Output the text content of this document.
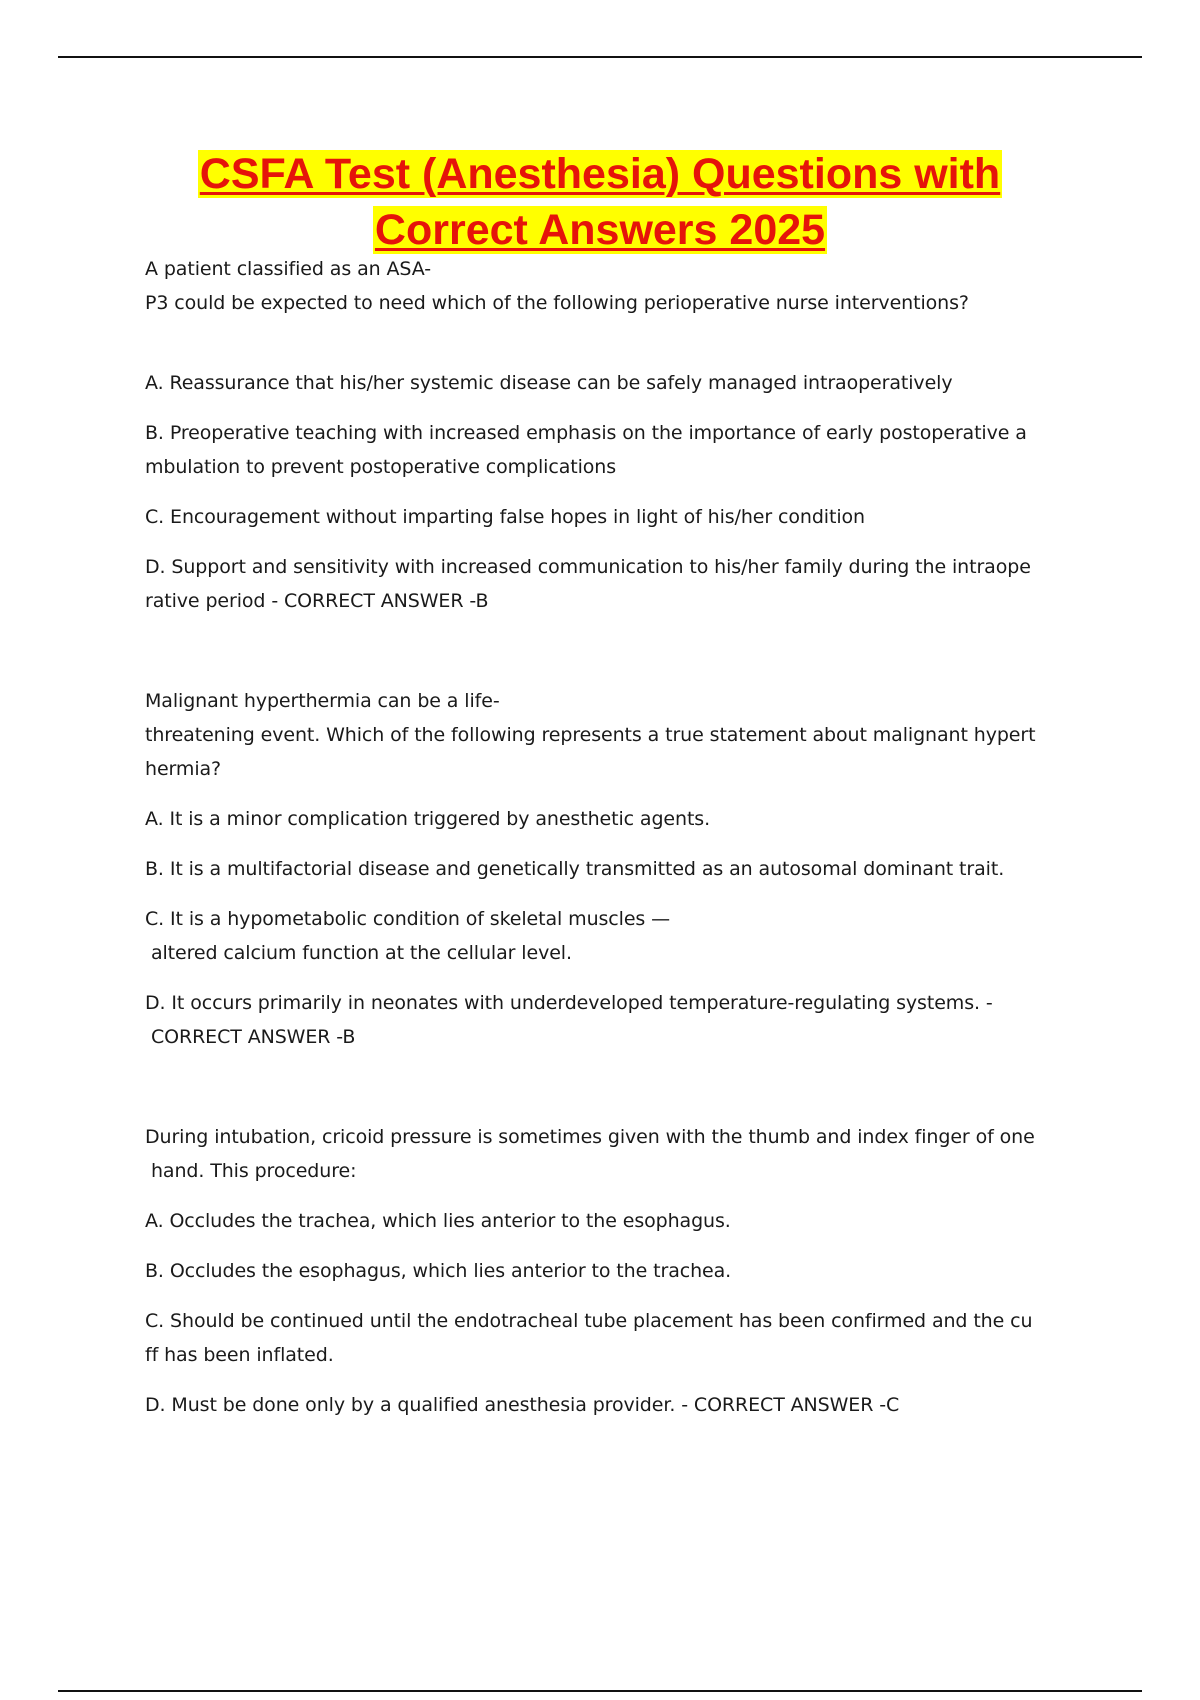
CSFA Test (Anesthesia) Questions with
Correct Answers 2025

A patient classified as an ASA-
P3 could be expected to need which of the following perioperative nurse interventions?

A. Reassurance that his/her systemic disease can be safely managed intraoperatively

B. Preoperative teaching with increased emphasis on the importance of early postoperative a
mbulation to prevent postoperative complications

C. Encouragement without imparting false hopes in light of his/her condition

D. Support and sensitivity with increased communication to his/her family during the intraope
rative period - CORRECT ANSWER -B

Malignant hyperthermia can be a life-
threatening event. Which of the following represents a true statement about malignant hypert
hermia?

A. It is a minor complication triggered by anesthetic agents.

B. It is a multifactorial disease and genetically transmitted as an autosomal dominant trait.

C. It is a hypometabolic condition of skeletal muscles —
altered calcium function at the cellular level.

D. It occurs primarily in neonates with underdeveloped temperature-regulating systems. -
CORRECT ANSWER -B

During intubation, cricoid pressure is sometimes given with the thumb and index finger of one
hand. This procedure:

A. Occludes the trachea, which lies anterior to the esophagus.

B. Occludes the esophagus, which lies anterior to the trachea.

C. Should be continued until the endotracheal tube placement has been confirmed and the cu
ff has been inflated.

D. Must be done only by a qualified anesthesia provider. - CORRECT ANSWER -C
